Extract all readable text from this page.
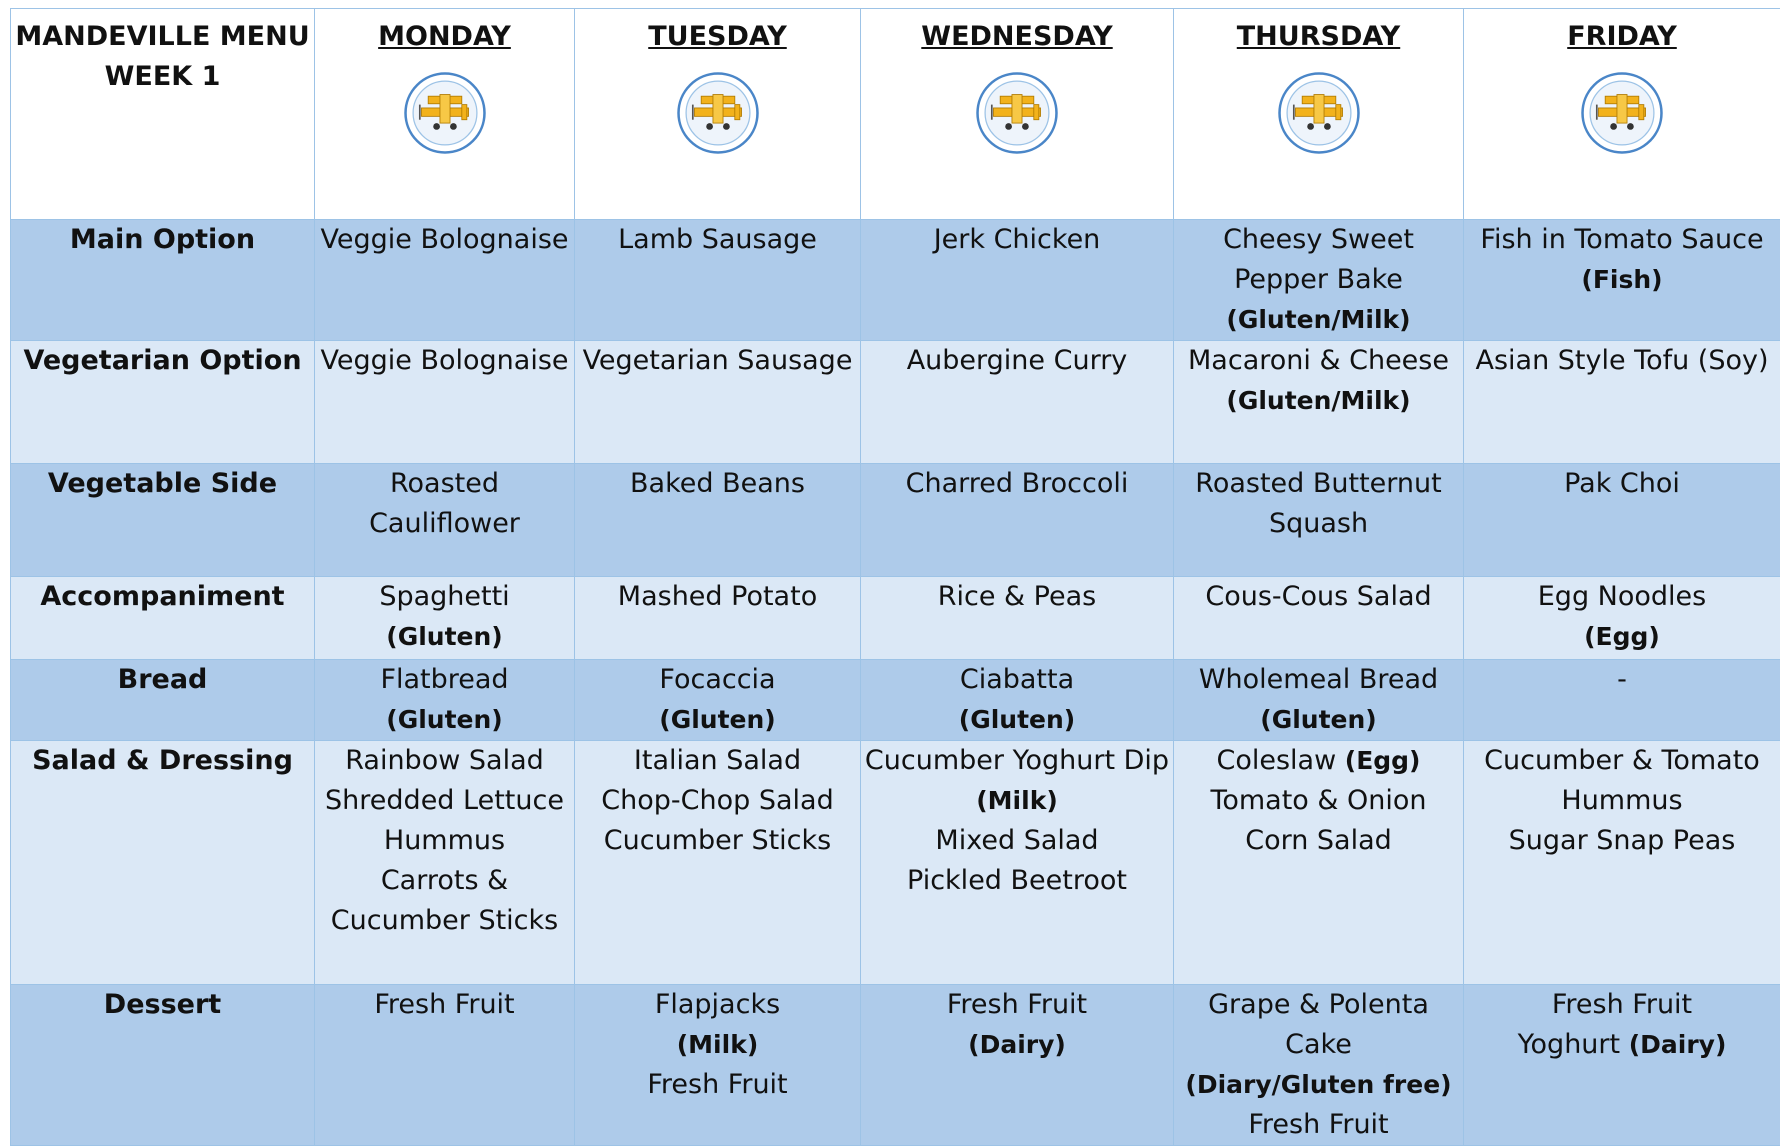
MANDEVILLE MENU
WEEK 1	MONDAY	TUESDAY	WEDNESDAY	THURSDAY	FRIDAY

Main Option	Veggie Bolognaise	Lamb Sausage	Jerk Chicken	Cheesy Sweet
Pepper Bake
(Gluten/Milk)	Fish in Tomato Sauce
(Fish)

Vegetarian Option	Veggie Bolognaise	Vegetarian Sausage	Aubergine Curry	Macaroni & Cheese
(Gluten/Milk)	Asian Style Tofu (Soy)

Vegetable Side	Roasted
Cauliflower	Baked Beans	Charred Broccoli	Roasted Butternut
Squash	Pak Choi

Accompaniment	Spaghetti
(Gluten)	Mashed Potato	Rice & Peas	Cous-Cous Salad	Egg Noodles
(Egg)

Bread	Flatbread
(Gluten)	Focaccia
(Gluten)	Ciabatta
(Gluten)	Wholemeal Bread
(Gluten)	-

Salad & Dressing	Rainbow Salad
Shredded Lettuce
Hummus
Carrots &
Cucumber Sticks	Italian Salad
Chop-Chop Salad
Cucumber Sticks	Cucumber Yoghurt Dip
(Milk)
Mixed Salad
Pickled Beetroot	Coleslaw (Egg)
Tomato & Onion
Corn Salad	Cucumber & Tomato
Hummus
Sugar Snap Peas

Dessert	Fresh Fruit	Flapjacks
(Milk)
Fresh Fruit	Fresh Fruit
(Dairy)	Grape & Polenta
Cake
(Diary/Gluten free)
Fresh Fruit	Fresh Fruit
Yoghurt (Dairy)
